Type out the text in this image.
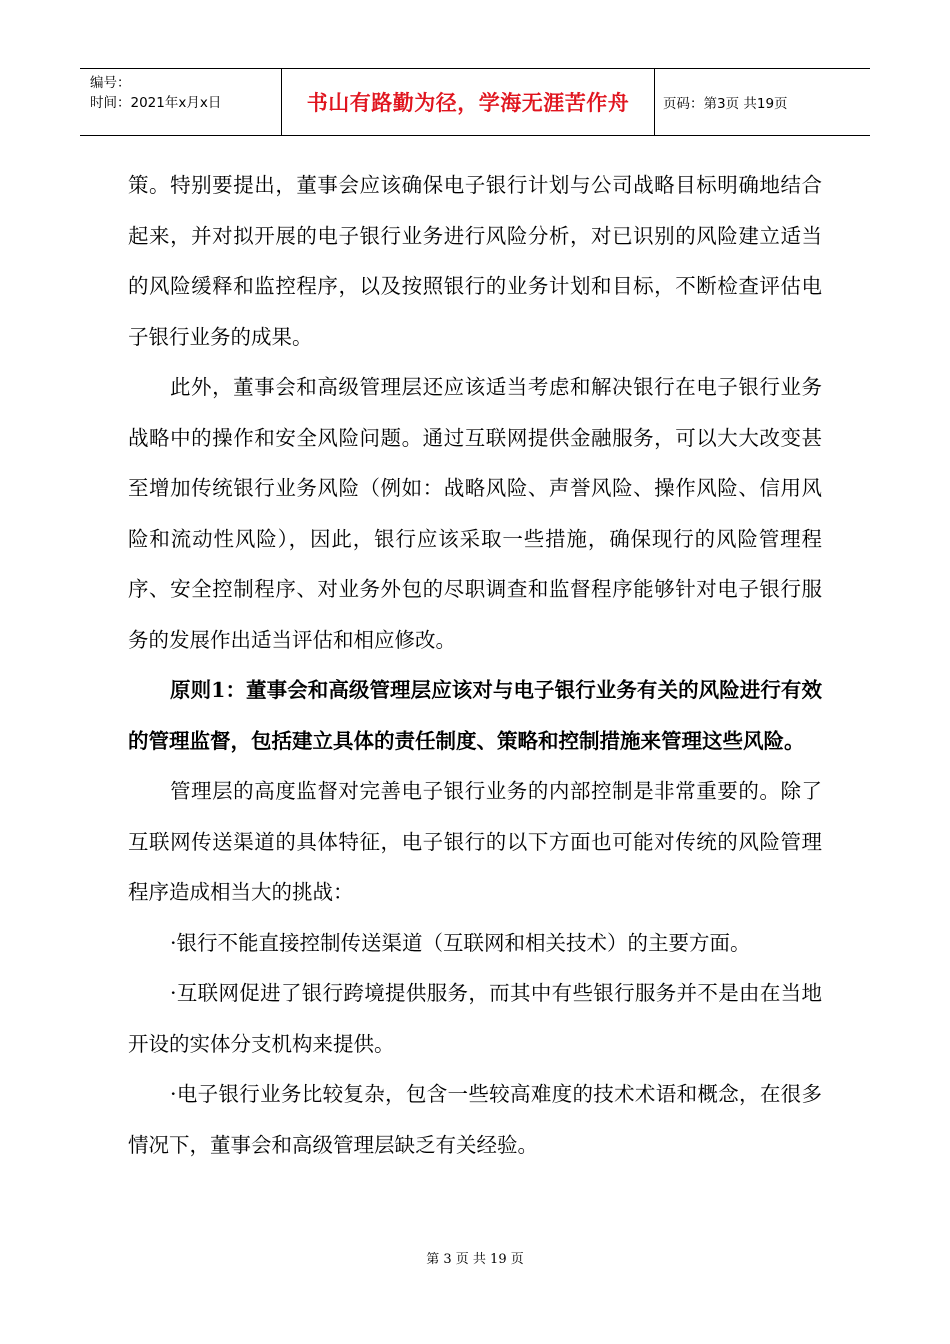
编号：
时间：2021年x月x日	书山有路勤为径，学海无涯苦作舟	页码：第3页 共19页

策。特别要提出，董事会应该确保电子银行计划与公司战略目标明确地结合起来，并对拟开展的电子银行业务进行风险分析，对已识别的风险建立适当的风险缓释和监控程序，以及按照银行的业务计划和目标，不断检查评估电子银行业务的成果。

此外，董事会和高级管理层还应该适当考虑和解决银行在电子银行业务战略中的操作和安全风险问题。通过互联网提供金融服务，可以大大改变甚至增加传统银行业务风险（例如：战略风险、声誉风险、操作风险、信用风险和流动性风险），因此，银行应该采取一些措施，确保现行的风险管理程序、安全控制程序、对业务外包的尽职调查和监督程序能够针对电子银行服务的发展作出适当评估和相应修改。

原则1：董事会和高级管理层应该对与电子银行业务有关的风险进行有效的管理监督，包括建立具体的责任制度、策略和控制措施来管理这些风险。

管理层的高度监督对完善电子银行业务的内部控制是非常重要的。除了互联网传送渠道的具体特征，电子银行的以下方面也可能对传统的风险管理程序造成相当大的挑战：

·银行不能直接控制传送渠道（互联网和相关技术）的主要方面。

·互联网促进了银行跨境提供服务，而其中有些银行服务并不是由在当地开设的实体分支机构来提供。

·电子银行业务比较复杂，包含一些较高难度的技术术语和概念，在很多情况下，董事会和高级管理层缺乏有关经验。

第 3 页 共 19 页
